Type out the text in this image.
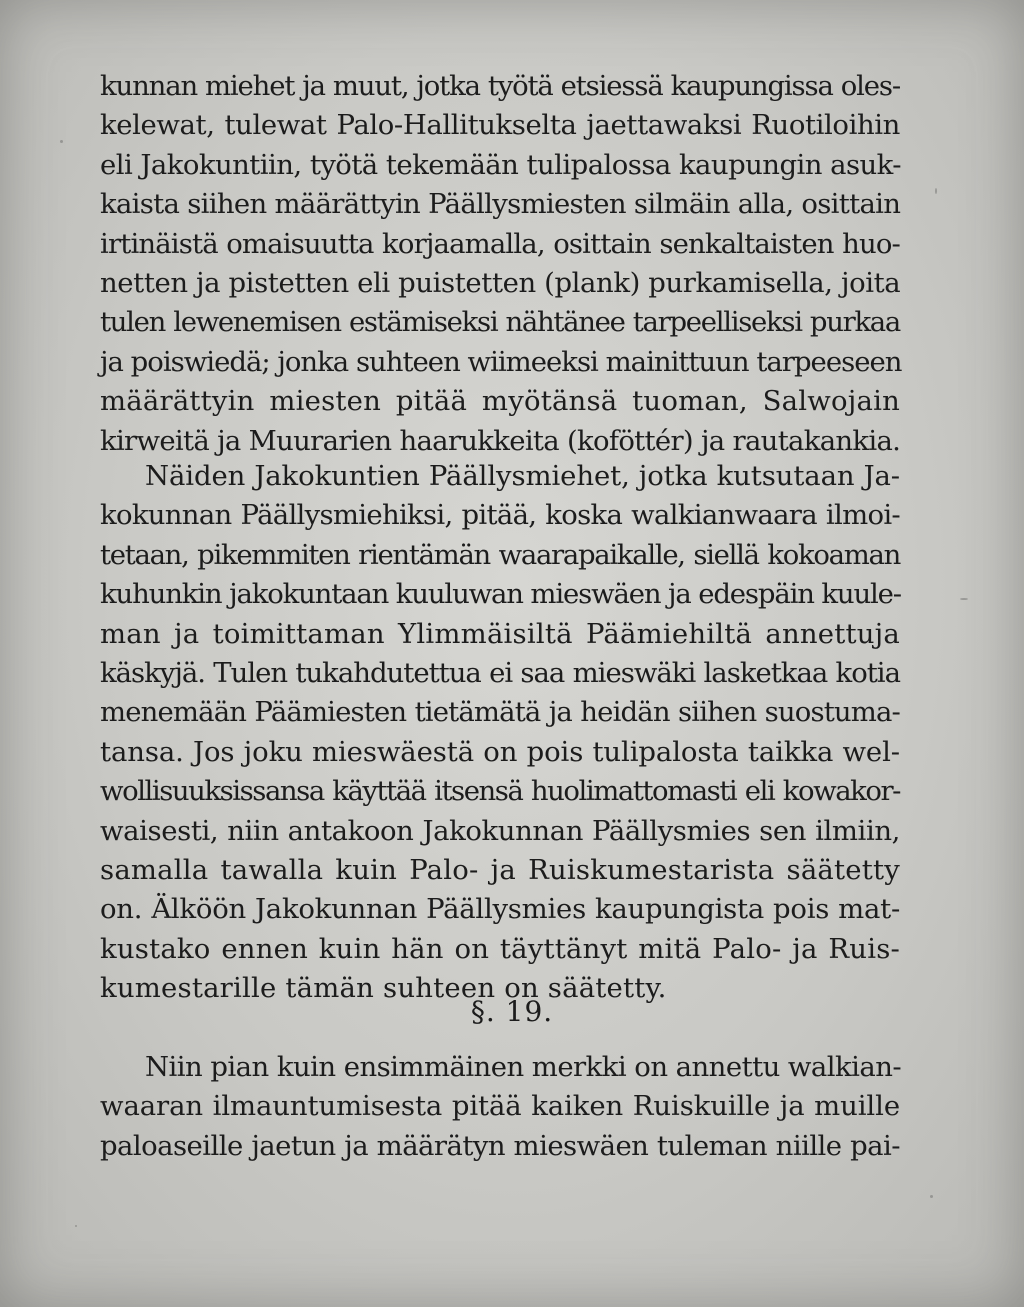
kunnan miehet ja muut, jotka työtä etsiessä kaupungissa oles-
kelewat, tulewat Palo-Hallitukselta jaettawaksi Ruotiloihin
eli Jakokuntiin, työtä tekemään tulipalossa kaupungin asuk-
kaista siihen määrättyin Päällysmiesten silmäin alla, osittain
irtinäistä omaisuutta korjaamalla, osittain senkaltaisten huo-
netten ja pistetten eli puistetten (plank) purkamisella, joita
tulen lewenemisen estämiseksi nähtänee tarpeelliseksi purkaa
ja poiswiedä; jonka suhteen wiimeeksi mainittuun tarpeeseen
määrättyin miesten pitää myötänsä tuoman, Salwojain
kirweitä ja Muurarien haarukkeita (koföttér) ja rautakankia.
Näiden Jakokuntien Päällysmiehet, jotka kutsutaan Ja-
kokunnan Päällysmiehiksi, pitää, koska walkianwaara ilmoi-
tetaan, pikemmiten rientämän waarapaikalle, siellä kokoaman
kuhunkin jakokuntaan kuuluwan mieswäen ja edespäin kuule-
man ja toimittaman Ylimmäisiltä Päämiehiltä annettuja
käskyjä. Tulen tukahdutettua ei saa mieswäki lasketkaa kotia
menemään Päämiesten tietämätä ja heidän siihen suostuma-
tansa. Jos joku mieswäestä on pois tulipalosta taikka wel-
wollisuuksissansa käyttää itsensä huolimattomasti eli kowakor-
waisesti, niin antakoon Jakokunnan Päällysmies sen ilmiin,
samalla tawalla kuin Palo- ja Ruiskumestarista säätetty
on. Älköön Jakokunnan Päällysmies kaupungista pois mat-
kustako ennen kuin hän on täyttänyt mitä Palo- ja Ruis-
kumestarille tämän suhteen on säätetty.
§. 19.
Niin pian kuin ensimmäinen merkki on annettu walkian-
waaran ilmauntumisesta pitää kaiken Ruiskuille ja muille
paloaseille jaetun ja määrätyn mieswäen tuleman niille pai-
